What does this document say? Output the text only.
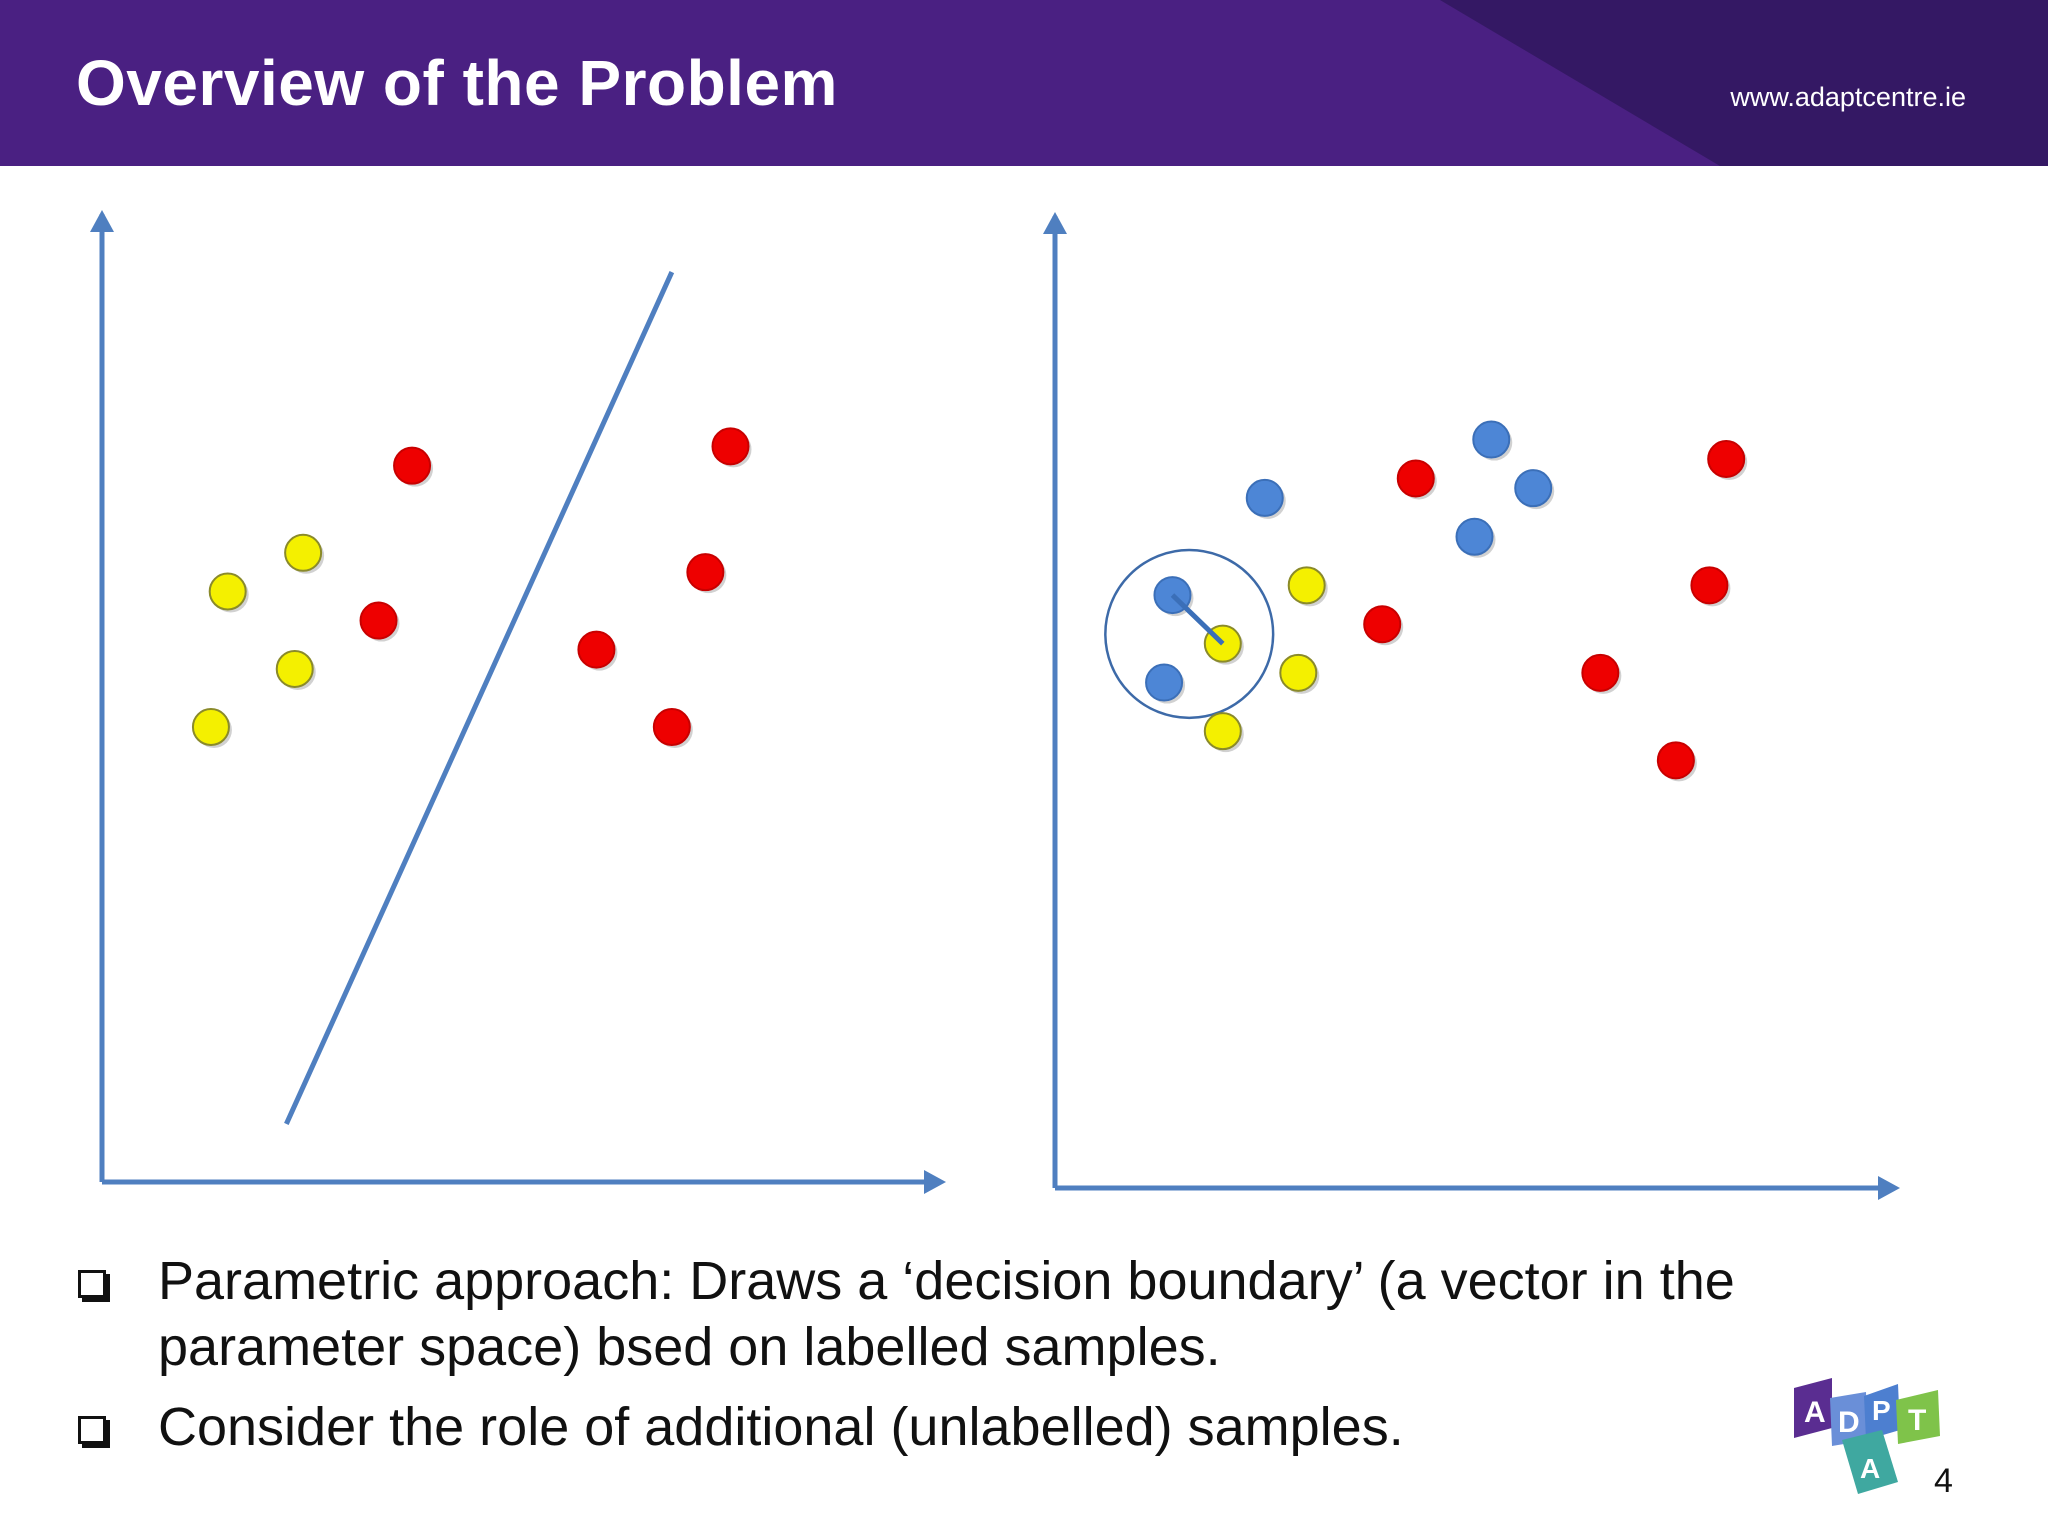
Overview of the Problem	www.adaptcentre.ie
Parametric approach: Draws a ‘decision boundary’ (a vector in the parameter space) bsed on labelled samples.
Consider the role of additional (unlabelled) samples.	A D
A
P T
4
